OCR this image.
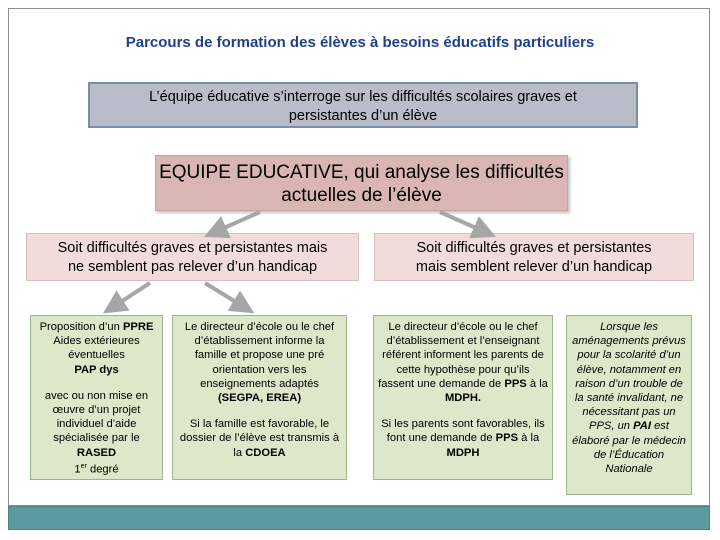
Parcours de formation des élèves à besoins éducatifs particuliers
L’équipe éducative s’interroge sur les difficultés scolaires graves et
persistantes d’un élève
EQUIPE EDUCATIVE, qui analyse les difficultés
actuelles de l’élève
Soit difficultés graves et persistantes mais
ne semblent pas relever d’un handicap
Soit difficultés graves et persistantes
mais semblent relever d’un handicap
Proposition d’un PPRE
Aides extérieures éventuelles
PAP dys
avec ou non mise en œuvre d’un projet individuel d’aide spécialisée par le
RASED
1er degré
Le directeur d’école ou le chef d’établissement informe la famille et propose une pré orientation vers les enseignements adaptés
(SEGPA, EREA)
Si la famille est favorable, le dossier de l’élève est transmis à la CDOEA
Le directeur d’école ou le chef d’établissement et l’enseignant référent informent les parents de cette hypothèse pour qu’ils fassent une demande de PPS à la MDPH.
Si les parents sont favorables, ils font une demande de PPS à la MDPH
Lorsque les aménagements prévus pour la scolarité d’un élève, notamment en raison d’un trouble de la santé invalidant, ne nécessitant pas un PPS, un PAI est élaboré par le médecin de l’Éducation Nationale
